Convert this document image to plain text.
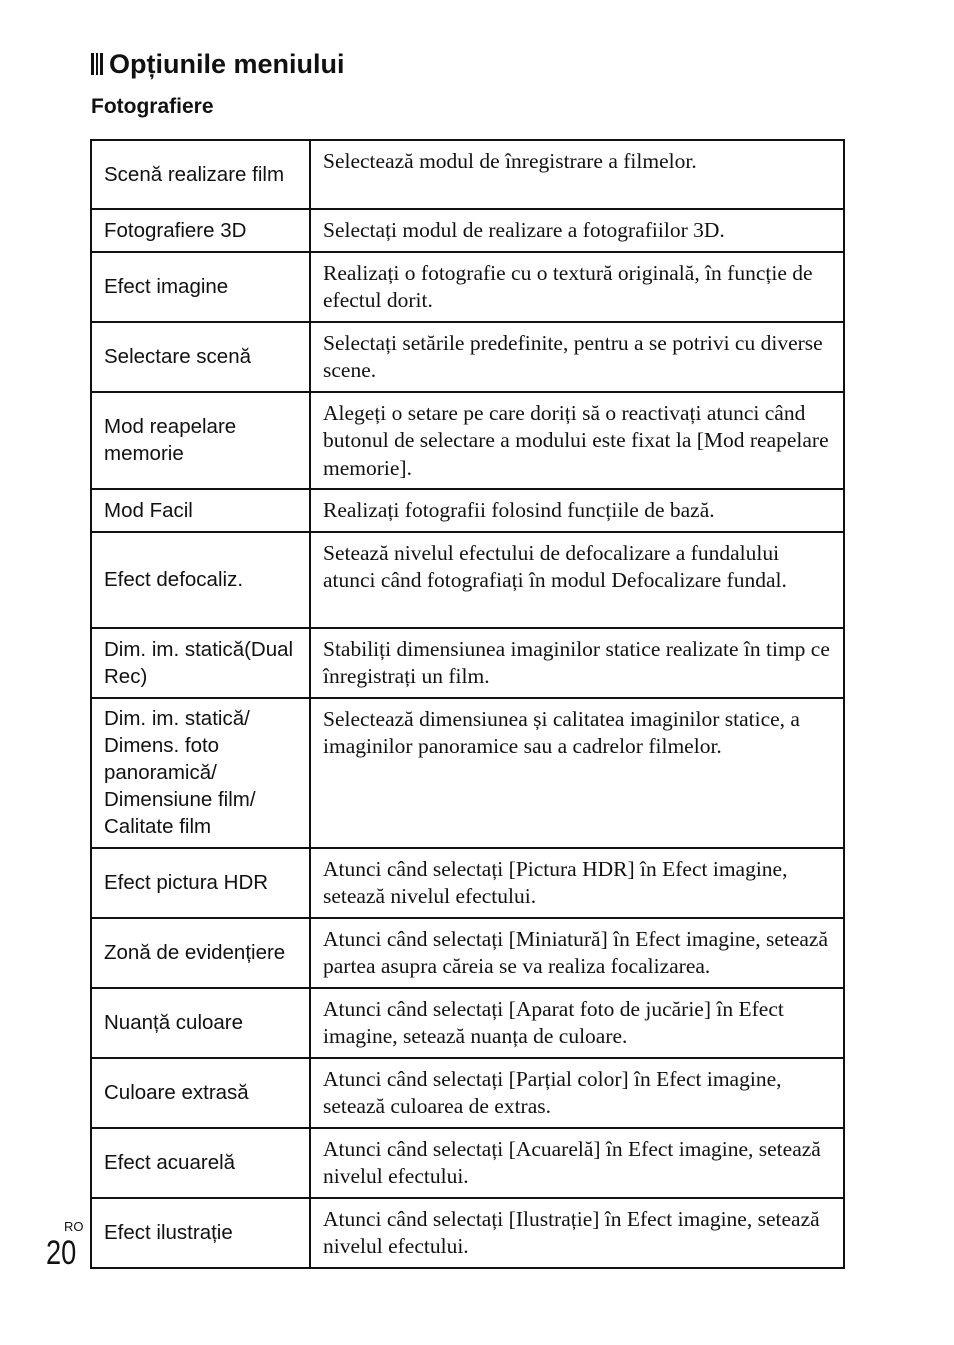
Opțiunile meniului
Fotografiere
Scenă realizare film	Selectează modul de înregistrare a filmelor.
Fotografiere 3D	Selectați modul de realizare a fotografiilor 3D.
Efect imagine	Realizați o fotografie cu o textură originală, în funcție de efectul dorit.
Selectare scenă	Selectați setările predefinite, pentru a se potrivi cu diverse scene.
Mod reapelare memorie	Alegeți o setare pe care doriți să o reactivați atunci când butonul de selectare a modului este fixat la [Mod reapelare memorie].
Mod Facil	Realizați fotografii folosind funcțiile de bază.
Efect defocaliz.	Setează nivelul efectului de defocalizare a fundalului atunci când fotografiați în modul Defocalizare fundal.
Dim. im. statică(Dual Rec)	Stabiliți dimensiunea imaginilor statice realizate în timp ce înregistrați un film.
Dim. im. statică/ Dimens. foto panoramică/ Dimensiune film/ Calitate film	Selectează dimensiunea și calitatea imaginilor statice, a imaginilor panoramice sau a cadrelor filmelor.
Efect pictura HDR	Atunci când selectați [Pictura HDR] în Efect imagine, setează nivelul efectului.
Zonă de evidențiere	Atunci când selectați [Miniatură] în Efect imagine, setează partea asupra căreia se va realiza focalizarea.
Nuanță culoare	Atunci când selectați [Aparat foto de jucărie] în Efect imagine, setează nuanța de culoare.
Culoare extrasă	Atunci când selectați [Parțial color] în Efect imagine, setează culoarea de extras.
Efect acuarelă	Atunci când selectați [Acuarelă] în Efect imagine, setează nivelul efectului.
Efect ilustrație	Atunci când selectați [Ilustrație] în Efect imagine, setează nivelul efectului.
RO
20
